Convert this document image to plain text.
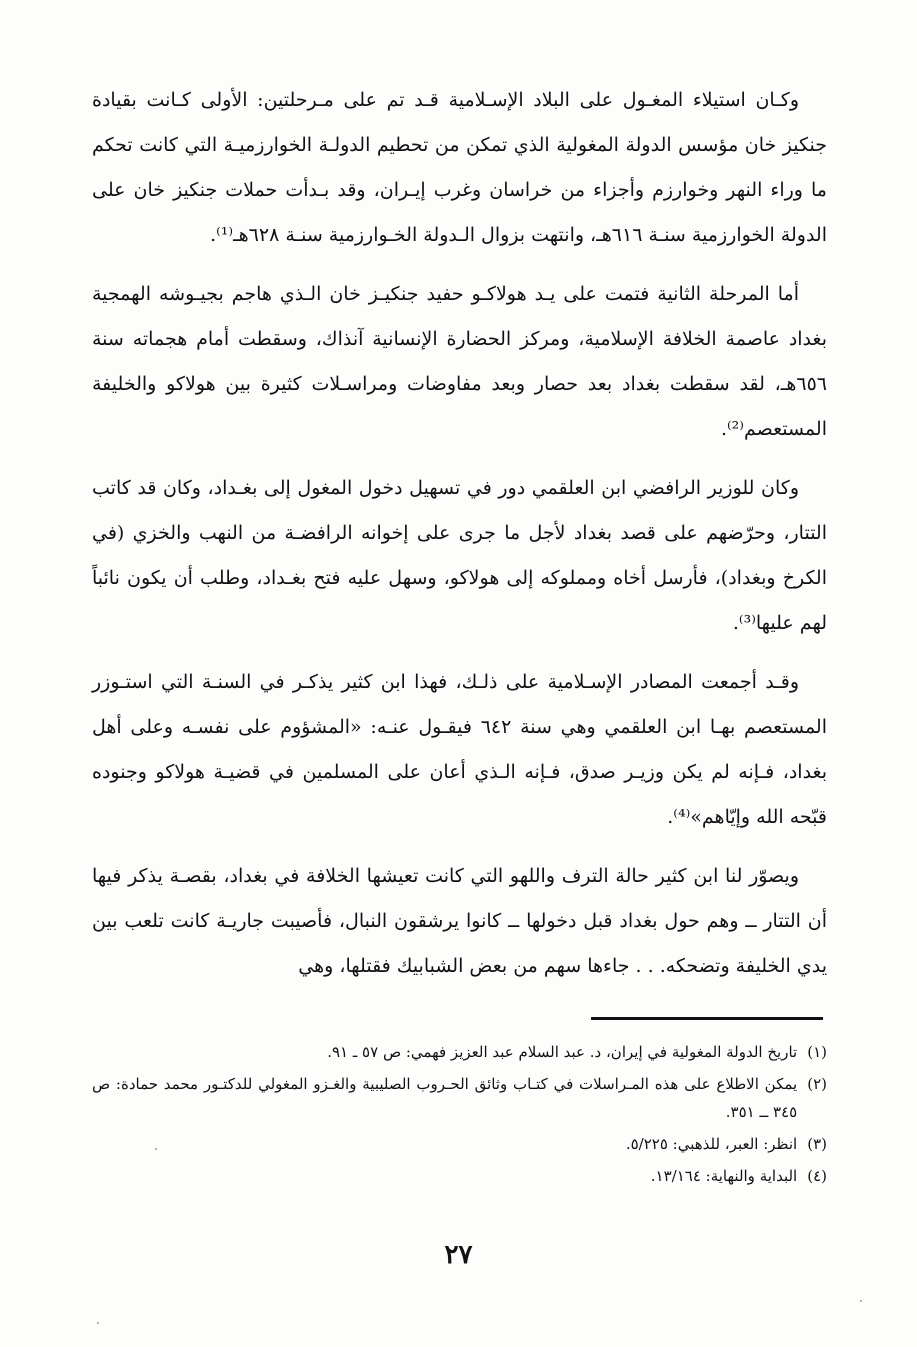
وكـان استيلاء المغـول على البلاد الإسـلامية قـد تم على مـرحلتين: الأولى كـانت بقيادة جنكيز خان مؤسس الدولة المغولية الذي تمكن من تحطيم الدولـة الخوارزميـة التي كانت تحكم ما وراء النهر وخوارزم وأجزاء من خراسان وغرب إيـران، وقد بـدأت حملات جنكيز خان على الدولة الخوارزمية سنـة ٦١٦هـ، وانتهت بزوال الـدولة الخـوارزمية سنـة ٦٢٨هـ⁽¹⁾.

أما المرحلة الثانية فتمت على يـد هولاكـو حفيد جنكيـز خان الـذي هاجم بجيـوشه الهمجية بغداد عاصمة الخلافة الإسلامية، ومركز الحضارة الإنسانية آنذاك، وسقطت أمام هجماته سنة ٦٥٦هـ، لقد سقطت بغداد بعد حصار وبعد مفاوضات ومراسـلات كثيرة بين هولاكو والخليفة المستعصم⁽²⁾.

وكان للوزير الرافضي ابن العلقمي دور في تسهيل دخول المغول إلى بغـداد، وكان قد كاتب التتار، وحرّضهم على قصد بغداد لأجل ما جرى على إخوانه الرافضـة من النهب والخزي (في الكرخ وبغداد)، فأرسل أخاه ومملوكه إلى هولاكو، وسهل عليه فتح بغـداد، وطلب أن يكون نائباً لهم عليها⁽³⁾.

وقـد أجمعت المصادر الإسـلامية على ذلـك، فهذا ابن كثير يذكـر في السنـة التي استـوزر المستعصم بهـا ابن العلقمي وهي سنة ٦٤٢ فيقـول عنـه: «المشؤوم على نفسـه وعلى أهل بغداد، فـإنه لم يكن وزيـر صدق، فـإنه الـذي أعان على المسلمين في قضيـة هولاكو وجنوده قبّحه الله وإيّاهم»⁽⁴⁾.

ويصوّر لنا ابن كثير حالة الترف واللهو التي كانت تعيشها الخلافة في بغداد، بقصـة يذكر فيها أن التتار ــ وهم حول بغداد قبل دخولها ــ كانوا يرشقون النبال، فأصيبت جاريـة كانت تلعب بين يدي الخليفة وتضحكه. . . جاءها سهم من بعض الشبابيك فقتلها، وهي

(١)
تاريخ الدولة المغولية في إيران، د. عبد السلام عبد العزيز فهمي: ص ٥٧ ـ ٩١.
(٢)
يمكن الاطلاع على هذه المـراسلات في كتـاب وثائق الحـروب الصليبية والغـزو المغولي للدكتـور محمد حمادة: ص ٣٤٥ ــ ٣٥١.
(٣)
انظر: العبر، للذهبي: ٥/٢٢٥.
(٤)
البداية والنهاية: ١٣/١٦٤.
٢٧
